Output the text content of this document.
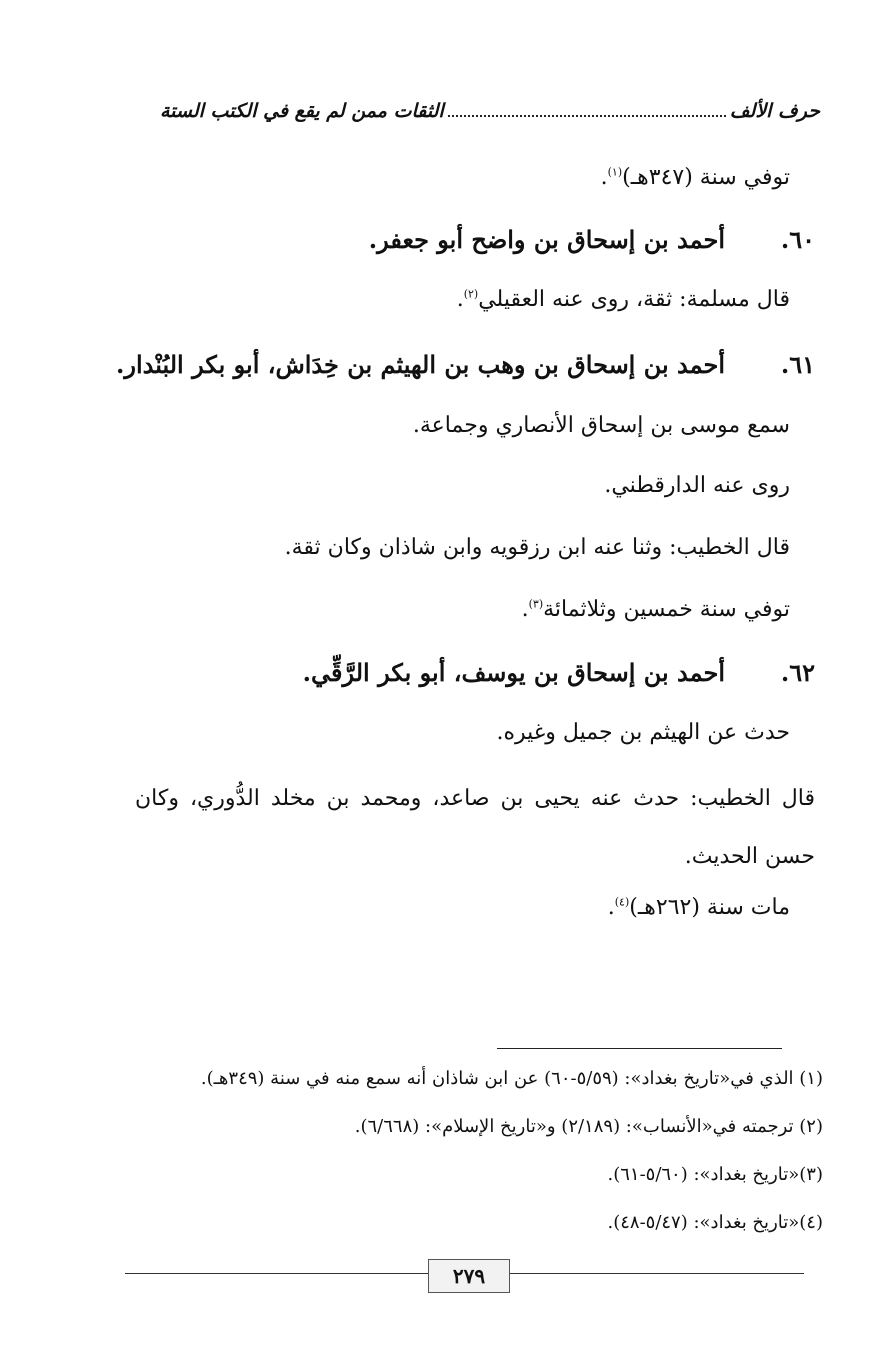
حرف الألف
الثقات ممن لم يقع في الكتب الستة
توفي سنة (٣٤٧هـ)$^{(١)}$.
٦٠.
أحمد بن إسحاق بن واضح أبو جعفر.
قال مسلمة: ثقة، روى عنه العقيلي$^{(٢)}$.
٦١.
أحمد بن إسحاق بن وهب بن الهيثم بن خِدَاش، أبو بكر البُنْدار.
سمع موسى بن إسحاق الأنصاري وجماعة.
روى عنه الدارقطني.
قال الخطيب: وثنا عنه ابن رزقويه وابن شاذان وكان ثقة.
توفي سنة خمسين وثلاثمائة$^{(٣)}$.
٦٢.
أحمد بن إسحاق بن يوسف، أبو بكر الرَّقِّي.
حدث عن الهيثم بن جميل وغيره.
قال الخطيب: حدث عنه يحيى بن صاعد، ومحمد بن مخلد الدُّوري، وكان حسن الحديث.
مات سنة (٢٦٢هـ)$^{(٤)}$.
(١) الذي في«تاريخ بغداد»: (٥/٥٩-٦٠) عن ابن شاذان أنه سمع منه في سنة (٣٤٩هـ).
(٢) ترجمته في«الأنساب»: (٢/١٨٩) و«تاريخ الإسلام»: (٦/٦٦٨).
(٣)«تاريخ بغداد»: (٥/٦٠-٦١).
(٤)«تاريخ بغداد»: (٥/٤٧-٤٨).
٢٧٩
